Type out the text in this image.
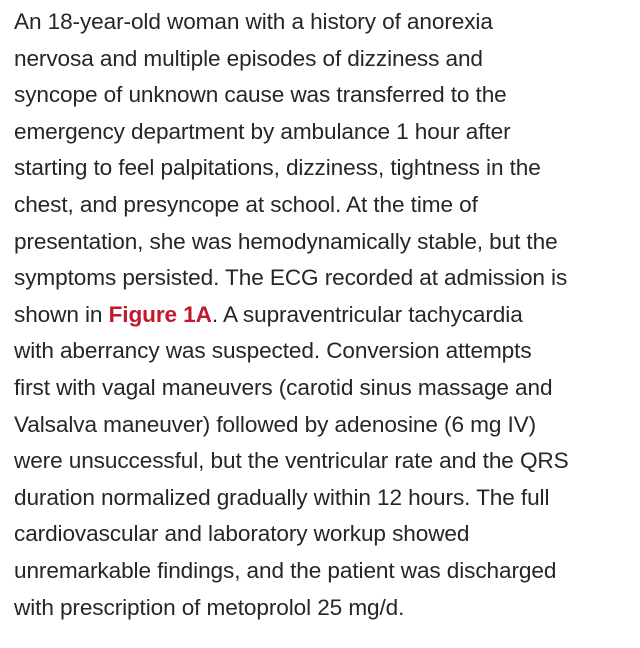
An 18-year-old woman with a history of anorexia
nervosa and multiple episodes of dizziness and
syncope of unknown cause was transferred to the
emergency department by ambulance 1 hour after
starting to feel palpitations, dizziness, tightness in the
chest, and presyncope at school. At the time of
presentation, she was hemodynamically stable, but the
symptoms persisted. The ECG recorded at admission is
shown in Figure 1A. A supraventricular tachycardia
with aberrancy was suspected. Conversion attempts
first with vagal maneuvers (carotid sinus massage and
Valsalva maneuver) followed by adenosine (6 mg IV)
were unsuccessful, but the ventricular rate and the QRS
duration normalized gradually within 12 hours. The full
cardiovascular and laboratory workup showed
unremarkable findings, and the patient was discharged
with prescription of metoprolol 25 mg/d.
